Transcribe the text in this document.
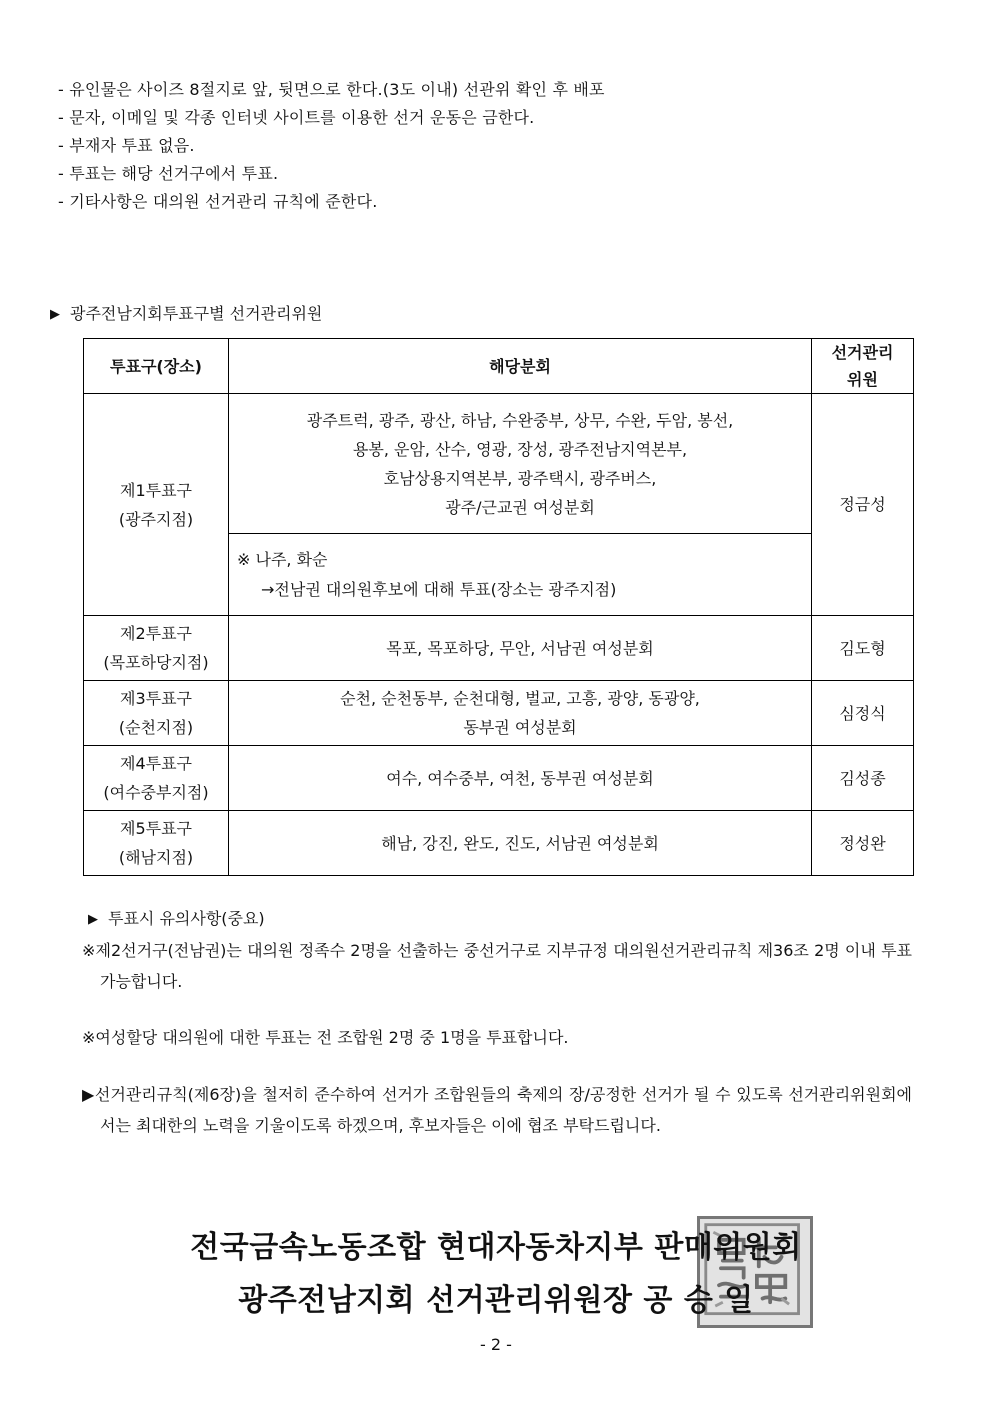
- 유인물은 사이즈 8절지로 앞, 뒷면으로 한다.(3도 이내) 선관위 확인 후 배포
- 문자, 이메일 및 각종 인터넷 사이트를 이용한 선거 운동은 금한다.
- 부재자 투표 없음.
- 투표는 해당 선거구에서 투표.
- 기타사항은 대의원 선거관리 규칙에 준한다.
▶ 광주전남지회투표구별 선거관리위원
투표구(장소)	해당분회	선거관리
위원
제1투표구
(광주지점)	광주트럭, 광주, 광산, 하남, 수완중부, 상무, 수완, 두암, 봉선,
용봉, 운암, 산수, 영광, 장성, 광주전남지역본부,
호남상용지역본부, 광주택시, 광주버스,
광주/근교권 여성분회	정금성
	※ 나주, 화순
→전남권 대의원후보에 대해 투표(장소는 광주지점)	

제2투표구
(목포하당지점)	목포, 목포하당, 무안, 서남권 여성분회	김도형
제3투표구
(순천지점)	순천, 순천동부, 순천대형, 벌교, 고흥, 광양, 동광양,
동부권 여성분회	심정식
제4투표구
(여수중부지점)	여수, 여수중부, 여천, 동부권 여성분회	김성종
제5투표구
(해남지점)	해남, 강진, 완도, 진도, 서남권 여성분회	정성완
▶ 투표시 유의사항(중요)
※제2선거구(전남권)는 대의원 정족수 2명을 선출하는 중선거구로 지부규정 대의원선거관리규칙 제36조 2명 이내 투표가능합니다.
※여성할당 대의원에 대한 투표는 전 조합원 2명 중 1명을 투표합니다.
▶선거관리규칙(제6장)을 철저히 준수하여 선거가 조합원들의 축제의 장/공정한 선거가 될 수 있도록 선거관리위원회에서는 최대한의 노력을 기울이도록 하겠으며, 후보자들은 이에 협조 부탁드립니다.
전국금속노동조합 현대자동차지부 판매위원회
광주전남지회 선거관리위원장 공 승 일
- 2 -
